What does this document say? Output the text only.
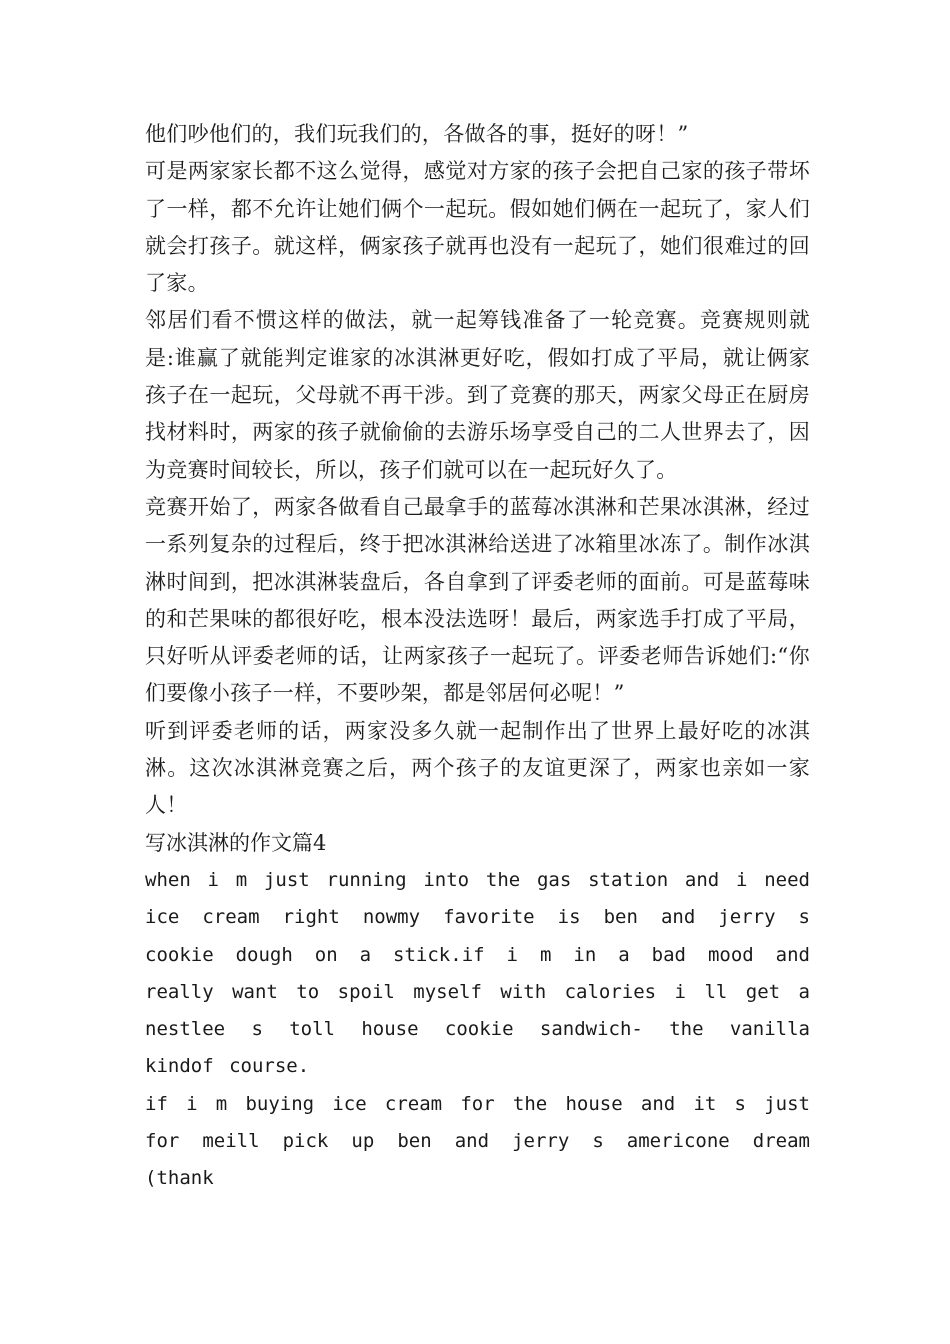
他们吵他们的，我们玩我们的，各做各的事，挺好的呀！”

可是两家家长都不这么觉得，感觉对方家的孩子会把自己家的孩子带坏了一样，都不允许让她们俩个一起玩。假如她们俩在一起玩了，家人们就会打孩子。就这样，俩家孩子就再也没有一起玩了，她们很难过的回了家。

邻居们看不惯这样的做法，就一起筹钱准备了一轮竞赛。竞赛规则就是:谁赢了就能判定谁家的冰淇淋更好吃，假如打成了平局，就让俩家孩子在一起玩，父母就不再干涉。到了竞赛的那天，两家父母正在厨房找材料时，两家的孩子就偷偷的去游乐场享受自己的二人世界去了，因为竞赛时间较长，所以，孩子们就可以在一起玩好久了。

竞赛开始了，两家各做看自己最拿手的蓝莓冰淇淋和芒果冰淇淋，经过一系列复杂的过程后，终于把冰淇淋给送进了冰箱里冰冻了。制作冰淇淋时间到，把冰淇淋装盘后，各自拿到了评委老师的面前。可是蓝莓味的和芒果味的都很好吃，根本没法选呀！最后，两家选手打成了平局，只好听从评委老师的话，让两家孩子一起玩了。评委老师告诉她们:“你们要像小孩子一样，不要吵架，都是邻居何必呢！”

听到评委老师的话，两家没多久就一起制作出了世界上最好吃的冰淇淋。这次冰淇淋竞赛之后，两个孩子的友谊更深了，两家也亲如一家人！

写冰淇淋的作文篇4

when i m just running into the gas station and i need ice cream right nowmy favorite is ben and jerry s cookie dough on a stick.if i m in a bad mood and really want to spoil myself with calories i ll get a nestlee s toll house cookie sandwich- the vanilla kindof course.

if i m buying ice cream for the house and it s just for meill pick up ben and jerry s americone dream (thank
